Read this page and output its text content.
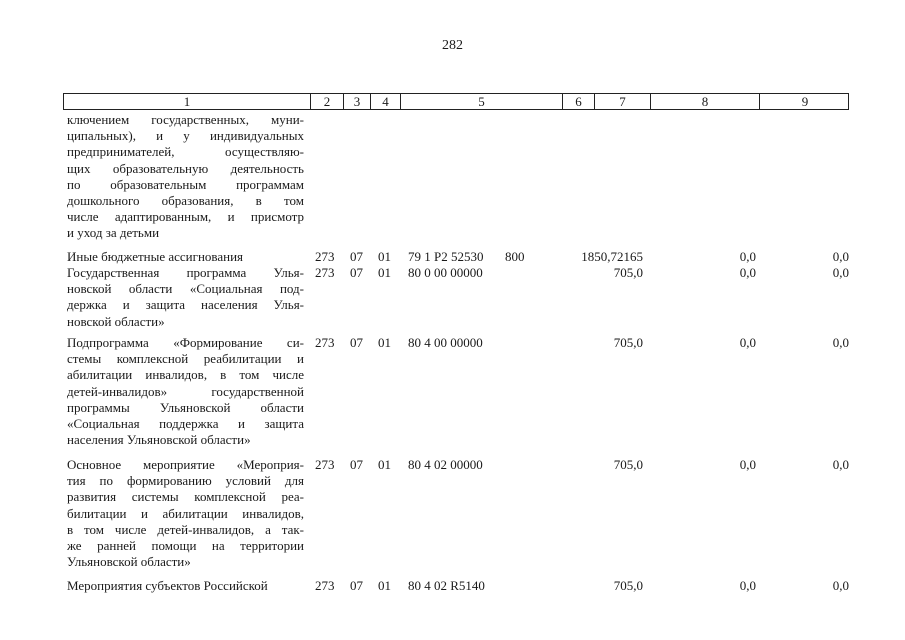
282
1	2	3	4	5	6	7	8	9
ключением государственных, муни-
ципальных), и у индивидуальных
предпринимателей, осуществляю-
щих образовательную деятельность
по образовательным программам
дошкольного образования, в том
числе адаптированным, и присмотр
и уход за детьми
Иные бюджетные ассигнования	273	07	01	79 1 P2 52530	800	1850,72165	0,0	0,0
Государственная программа Улья-
новской области «Социальная под-
держка и защита населения Улья-
новской области»
273	07	01	80 0 00 00000	705,0	0,0	0,0
Подпрограмма «Формирование си-
стемы комплексной реабилитации и
абилитации инвалидов, в том числе
детей-инвалидов» государственной
программы Ульяновской области
«Социальная поддержка и защита
населения Ульяновской области»
273	07	01	80 4 00 00000	705,0	0,0	0,0
Основное мероприятие «Мероприя-
тия по формированию условий для
развития системы комплексной реа-
билитации и абилитации инвалидов,
в том числе детей-инвалидов, а так-
же ранней помощи на территории
Ульяновской области»
273	07	01	80 4 02 00000	705,0	0,0	0,0
Мероприятия субъектов Российской	273	07	01	80 4 02 R5140	705,0	0,0	0,0
